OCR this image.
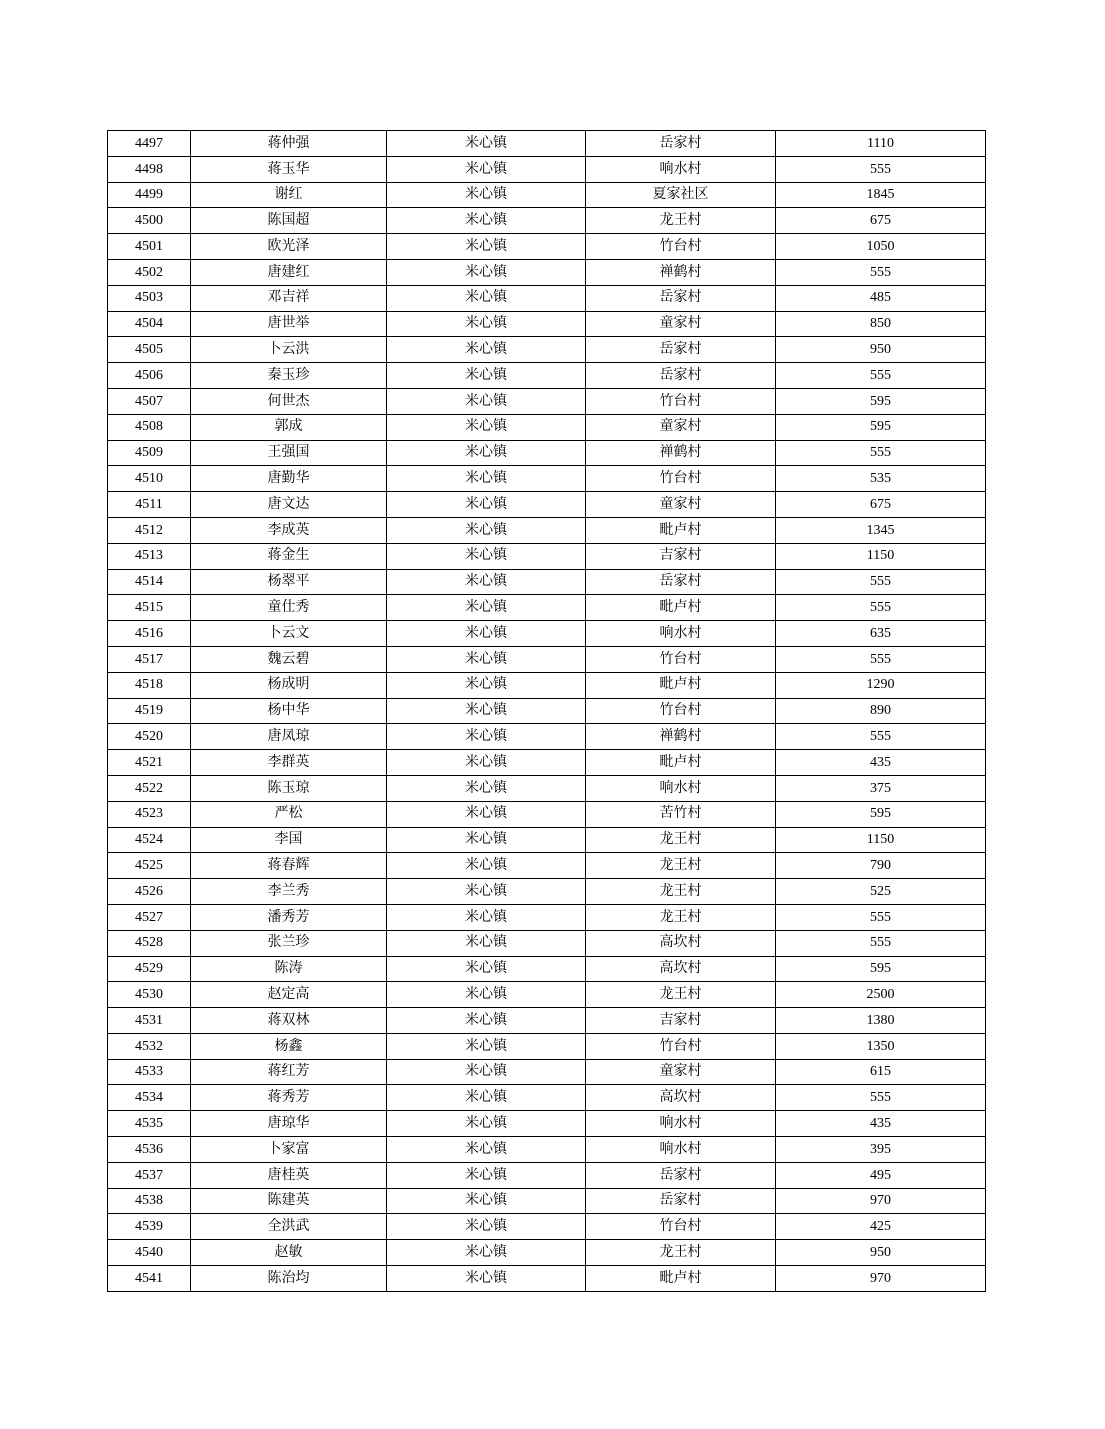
4497	蒋仲强	米心镇	岳家村	1110
4498	蒋玉华	米心镇	响水村	555
4499	谢红	米心镇	夏家社区	1845
4500	陈国超	米心镇	龙王村	675
4501	欧光泽	米心镇	竹台村	1050
4502	唐建红	米心镇	禅鹤村	555
4503	邓吉祥	米心镇	岳家村	485
4504	唐世举	米心镇	童家村	850
4505	卜云洪	米心镇	岳家村	950
4506	秦玉珍	米心镇	岳家村	555
4507	何世杰	米心镇	竹台村	595
4508	郭成	米心镇	童家村	595
4509	王强国	米心镇	禅鹤村	555
4510	唐勤华	米心镇	竹台村	535
4511	唐文达	米心镇	童家村	675
4512	李成英	米心镇	毗卢村	1345
4513	蒋金生	米心镇	吉家村	1150
4514	杨翠平	米心镇	岳家村	555
4515	童仕秀	米心镇	毗卢村	555
4516	卜云文	米心镇	响水村	635
4517	魏云碧	米心镇	竹台村	555
4518	杨成明	米心镇	毗卢村	1290
4519	杨中华	米心镇	竹台村	890
4520	唐凤琼	米心镇	禅鹤村	555
4521	李群英	米心镇	毗卢村	435
4522	陈玉琼	米心镇	响水村	375
4523	严松	米心镇	苦竹村	595
4524	李国	米心镇	龙王村	1150
4525	蒋春辉	米心镇	龙王村	790
4526	李兰秀	米心镇	龙王村	525
4527	潘秀芳	米心镇	龙王村	555
4528	张兰珍	米心镇	高坎村	555
4529	陈涛	米心镇	高坎村	595
4530	赵定高	米心镇	龙王村	2500
4531	蒋双林	米心镇	吉家村	1380
4532	杨鑫	米心镇	竹台村	1350
4533	蒋红芳	米心镇	童家村	615
4534	蒋秀芳	米心镇	高坎村	555
4535	唐琼华	米心镇	响水村	435
4536	卜家富	米心镇	响水村	395
4537	唐桂英	米心镇	岳家村	495
4538	陈建英	米心镇	岳家村	970
4539	全洪武	米心镇	竹台村	425
4540	赵敏	米心镇	龙王村	950
4541	陈治均	米心镇	毗卢村	970
